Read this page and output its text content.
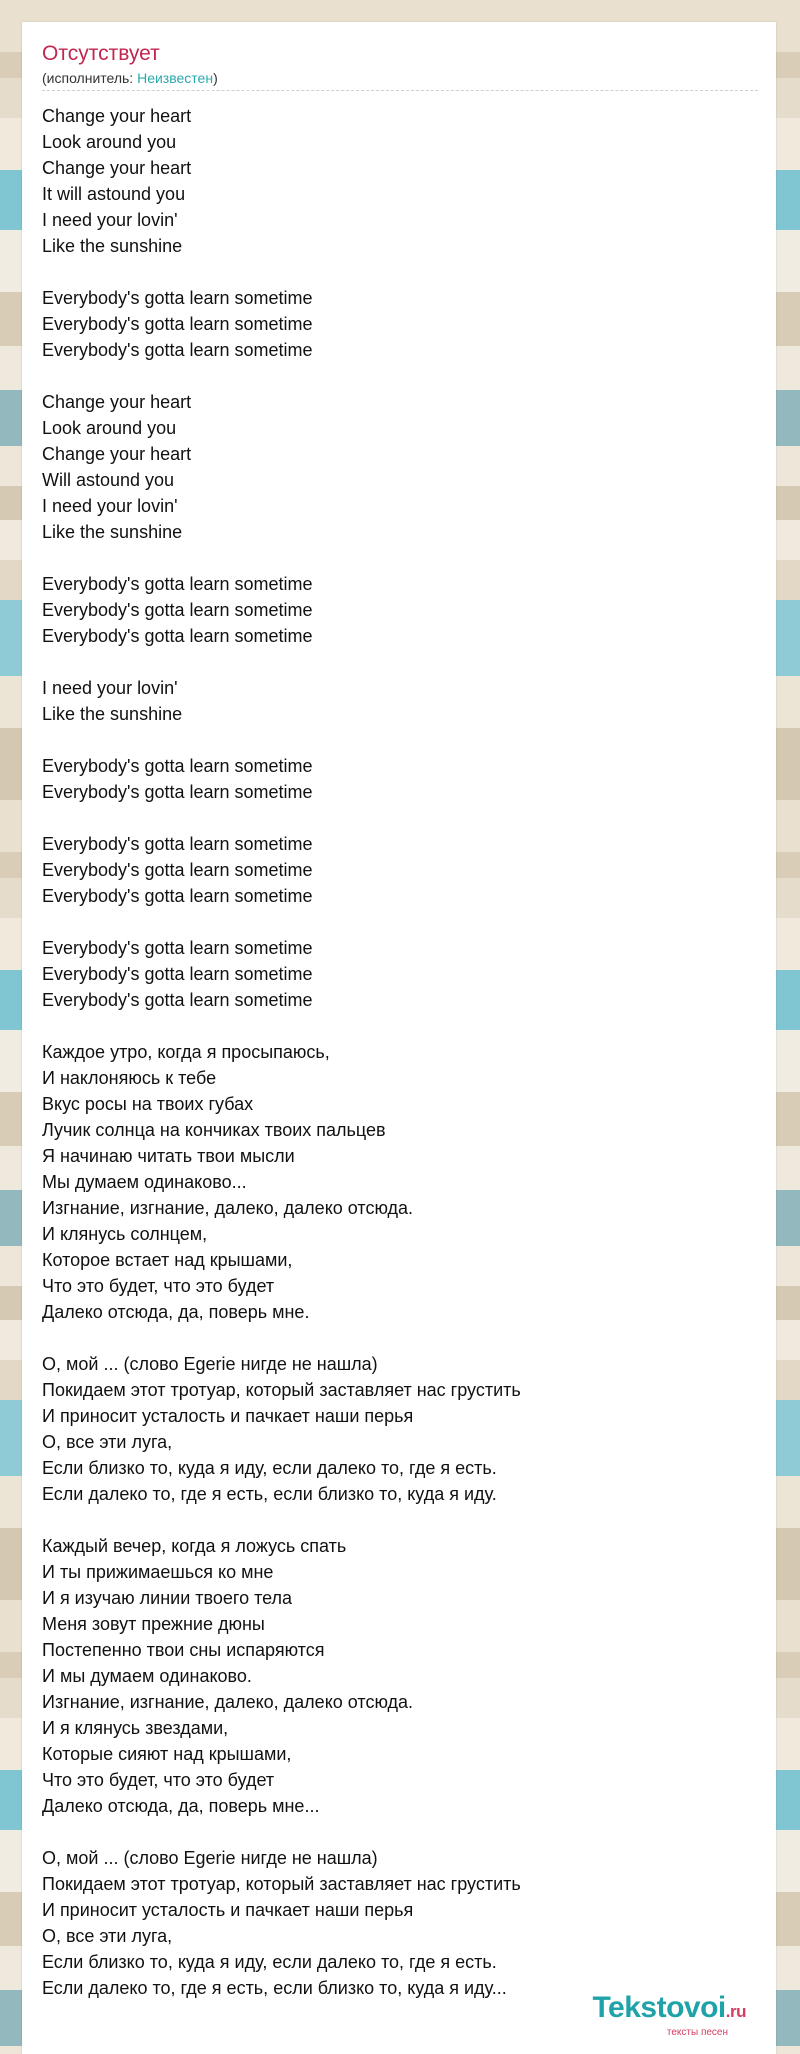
Отсутствует
(исполнитель: Неизвестен)
Change your heart
Look around you
Change your heart
It will astound you
I need your lovin'
Like the sunshine

Everybody's gotta learn sometime
Everybody's gotta learn sometime
Everybody's gotta learn sometime

Change your heart
Look around you
Change your heart
Will astound you
I need your lovin'
Like the sunshine

Everybody's gotta learn sometime
Everybody's gotta learn sometime
Everybody's gotta learn sometime

I need your lovin'
Like the sunshine

Everybody's gotta learn sometime
Everybody's gotta learn sometime

Everybody's gotta learn sometime
Everybody's gotta learn sometime
Everybody's gotta learn sometime

Everybody's gotta learn sometime
Everybody's gotta learn sometime
Everybody's gotta learn sometime

Каждое утро, когда я просыпаюсь,
И наклоняюсь к тебе
Вкус росы на твоих губах
Лучик солнца на кончиках твоих пальцев
Я начинаю читать твои мысли
Мы думаем одинаково...
Изгнание, изгнание, далеко, далеко отсюда.
И клянусь солнцем,
Которое встает над крышами,
Что это будет, что это будет
Далеко отсюда, да, поверь мне.

О, мой ... (слово Egerie нигде не нашла)
Покидаем этот тротуар, который заставляет нас грустить
И приносит усталость и пачкает наши перья
О, все эти луга,
Если близко то, куда я иду, если далеко то, где я есть.
Если далеко то, где я есть, если близко то, куда я иду.

Каждый вечер, когда я ложусь спать
И ты прижимаешься ко мне
И я изучаю линии твоего тела
Меня зовут прежние дюны
Постепенно твои сны испаряются
И мы думаем одинаково.
Изгнание, изгнание, далеко, далеко отсюда.
И я клянусь звездами,
Которые сияют над крышами,
Что это будет, что это будет
Далеко отсюда, да, поверь мне...

О, мой ... (слово Egerie нигде не нашла)
Покидаем этот тротуар, который заставляет нас грустить
И приносит усталость и пачкает наши перья
О, все эти луга,
Если близко то, куда я иду, если далеко то, где я есть.
Если далеко то, где я есть, если близко то, куда я иду...
Tekstovoi.ru
тексты песен
